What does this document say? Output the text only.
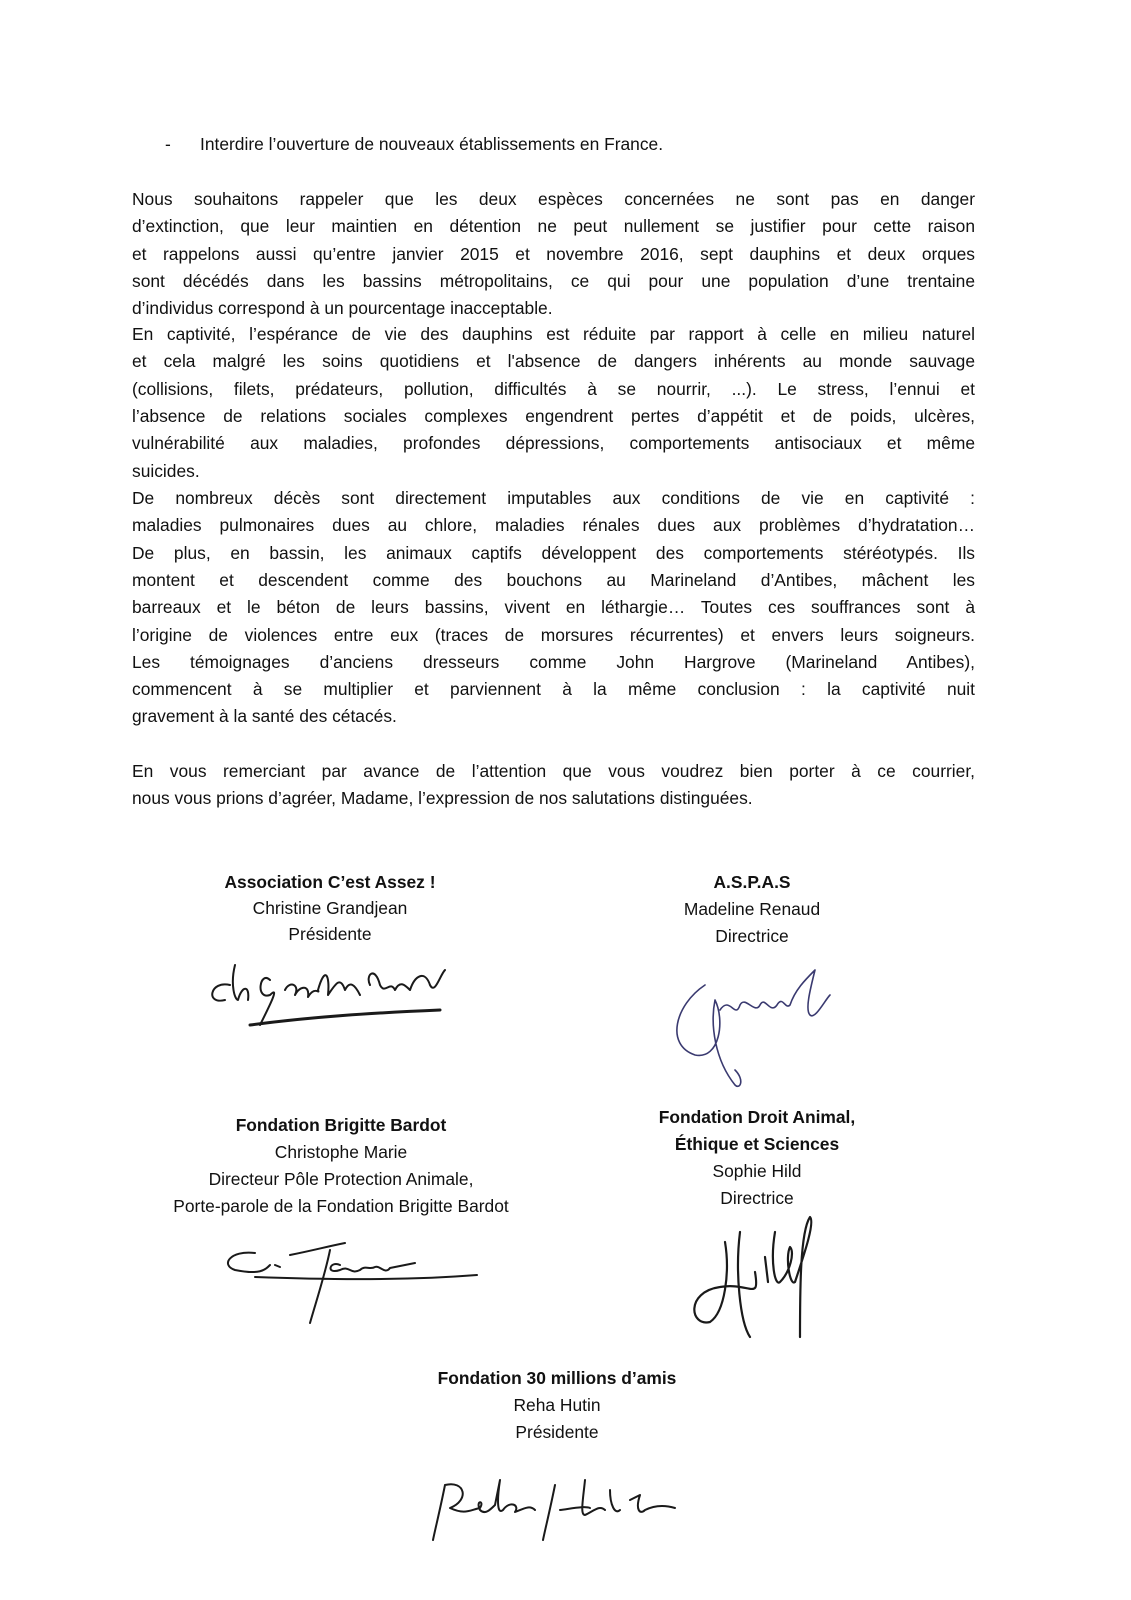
- Interdire l’ouverture de nouveaux établissements en France.
Nous souhaitons rappeler que les deux espèces concernées ne sont pas en danger
d’extinction, que leur maintien en détention ne peut nullement se justifier pour cette raison
et rappelons aussi qu’entre janvier 2015 et novembre 2016, sept dauphins et deux orques
sont décédés dans les bassins métropolitains, ce qui pour une population d’une trentaine
d’individus correspond à un pourcentage inacceptable.
En captivité, l’espérance de vie des dauphins est réduite par rapport à celle en milieu naturel
et cela malgré les soins quotidiens et l'absence de dangers inhérents au monde sauvage
(collisions, filets, prédateurs, pollution, difficultés à se nourrir, ...). Le stress, l’ennui et
l’absence de relations sociales complexes engendrent pertes d’appétit et de poids, ulcères,
vulnérabilité aux maladies, profondes dépressions, comportements antisociaux et même
suicides.
De nombreux décès sont directement imputables aux conditions de vie en captivité :
maladies pulmonaires dues au chlore, maladies rénales dues aux problèmes d’hydratation…
De plus, en bassin, les animaux captifs développent des comportements stéréotypés. Ils
montent et descendent comme des bouchons au Marineland d’Antibes, mâchent les
barreaux et le béton de leurs bassins, vivent en léthargie… Toutes ces souffrances sont à
l’origine de violences entre eux (traces de morsures récurrentes) et envers leurs soigneurs.
Les témoignages d’anciens dresseurs comme John Hargrove (Marineland Antibes),
commencent à se multiplier et parviennent à la même conclusion : la captivité nuit
gravement à la santé des cétacés.
En vous remerciant par avance de l’attention que vous voudrez bien porter à ce courrier,
nous vous prions d’agréer, Madame, l’expression de nos salutations distinguées.
Association C’est Assez !
Christine Grandjean
Présidente
A.S.P.A.S
Madeline Renaud
Directrice
Fondation Brigitte Bardot
Christophe Marie
Directeur Pôle Protection Animale,
Porte-parole de la Fondation Brigitte Bardot
Fondation Droit Animal,
Éthique et Sciences
Sophie Hild
Directrice
Fondation 30 millions d’amis
Reha Hutin
Présidente
